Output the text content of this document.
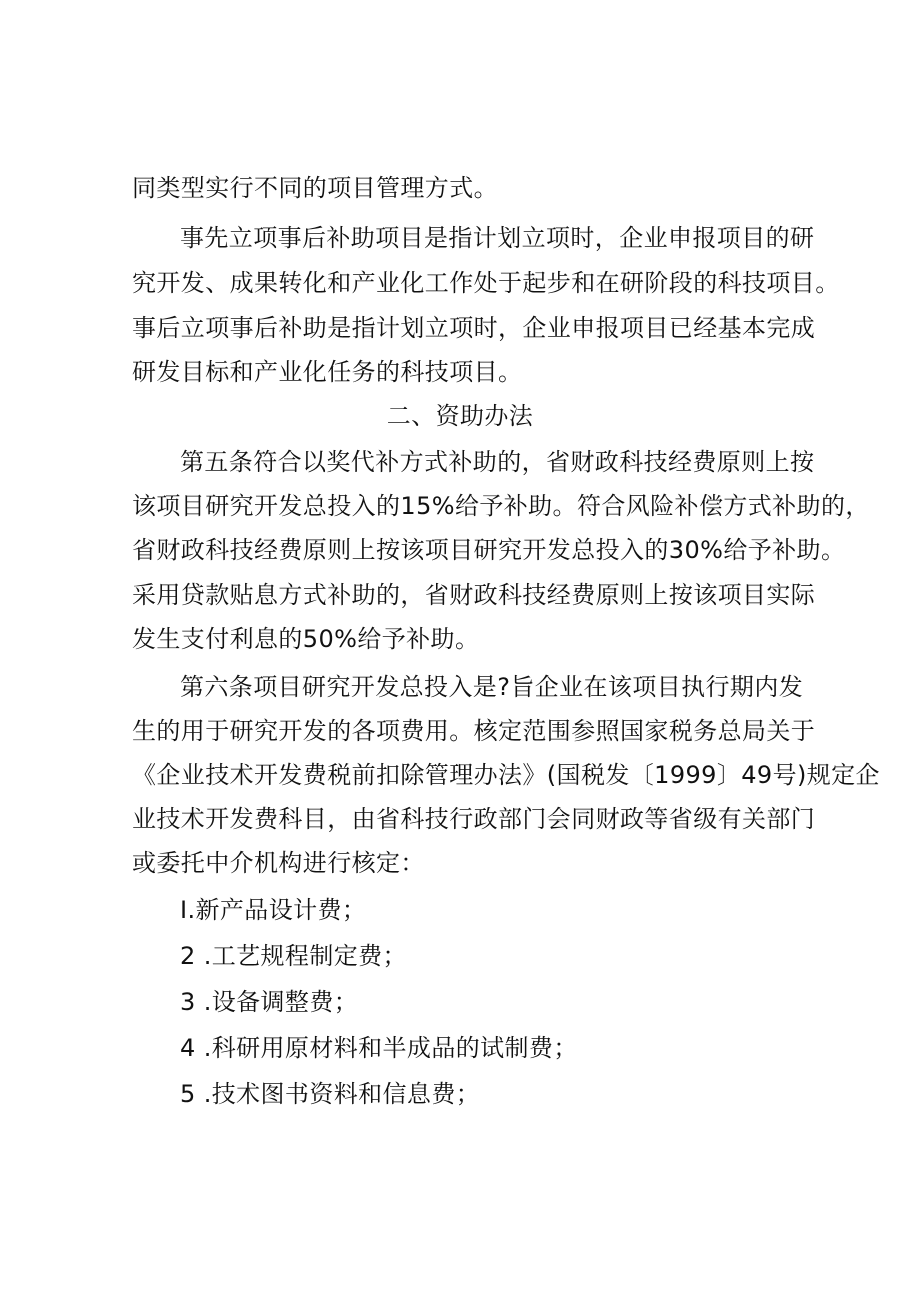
同类型实行不同的项目管理方式。
事先立项事后补助项目是指计划立项时，企业申报项目的研
究开发、成果转化和产业化工作处于起步和在研阶段的科技项目。
事后立项事后补助是指计划立项时，企业申报项目已经基本完成
研发目标和产业化任务的科技项目。
二、资助办法
第五条符合以奖代补方式补助的，省财政科技经费原则上按
该项目研究开发总投入的15%给予补助。符合风险补偿方式补助的，
省财政科技经费原则上按该项目研究开发总投入的30%给予补助。
采用贷款贴息方式补助的，省财政科技经费原则上按该项目实际
发生支付利息的50%给予补助。
第六条项目研究开发总投入是?旨企业在该项目执行期内发
生的用于研究开发的各项费用。核定范围参照国家税务总局关于
《企业技术开发费税前扣除管理办法》(国税发〔1999〕49号)规定企
业技术开发费科目，由省科技行政部门会同财政等省级有关部门
或委托中介机构进行核定：
I.新产品设计费；
2 .工艺规程制定费；
3 .设备调整费；
4 .科研用原材料和半成品的试制费；
5 .技术图书资料和信息费；
